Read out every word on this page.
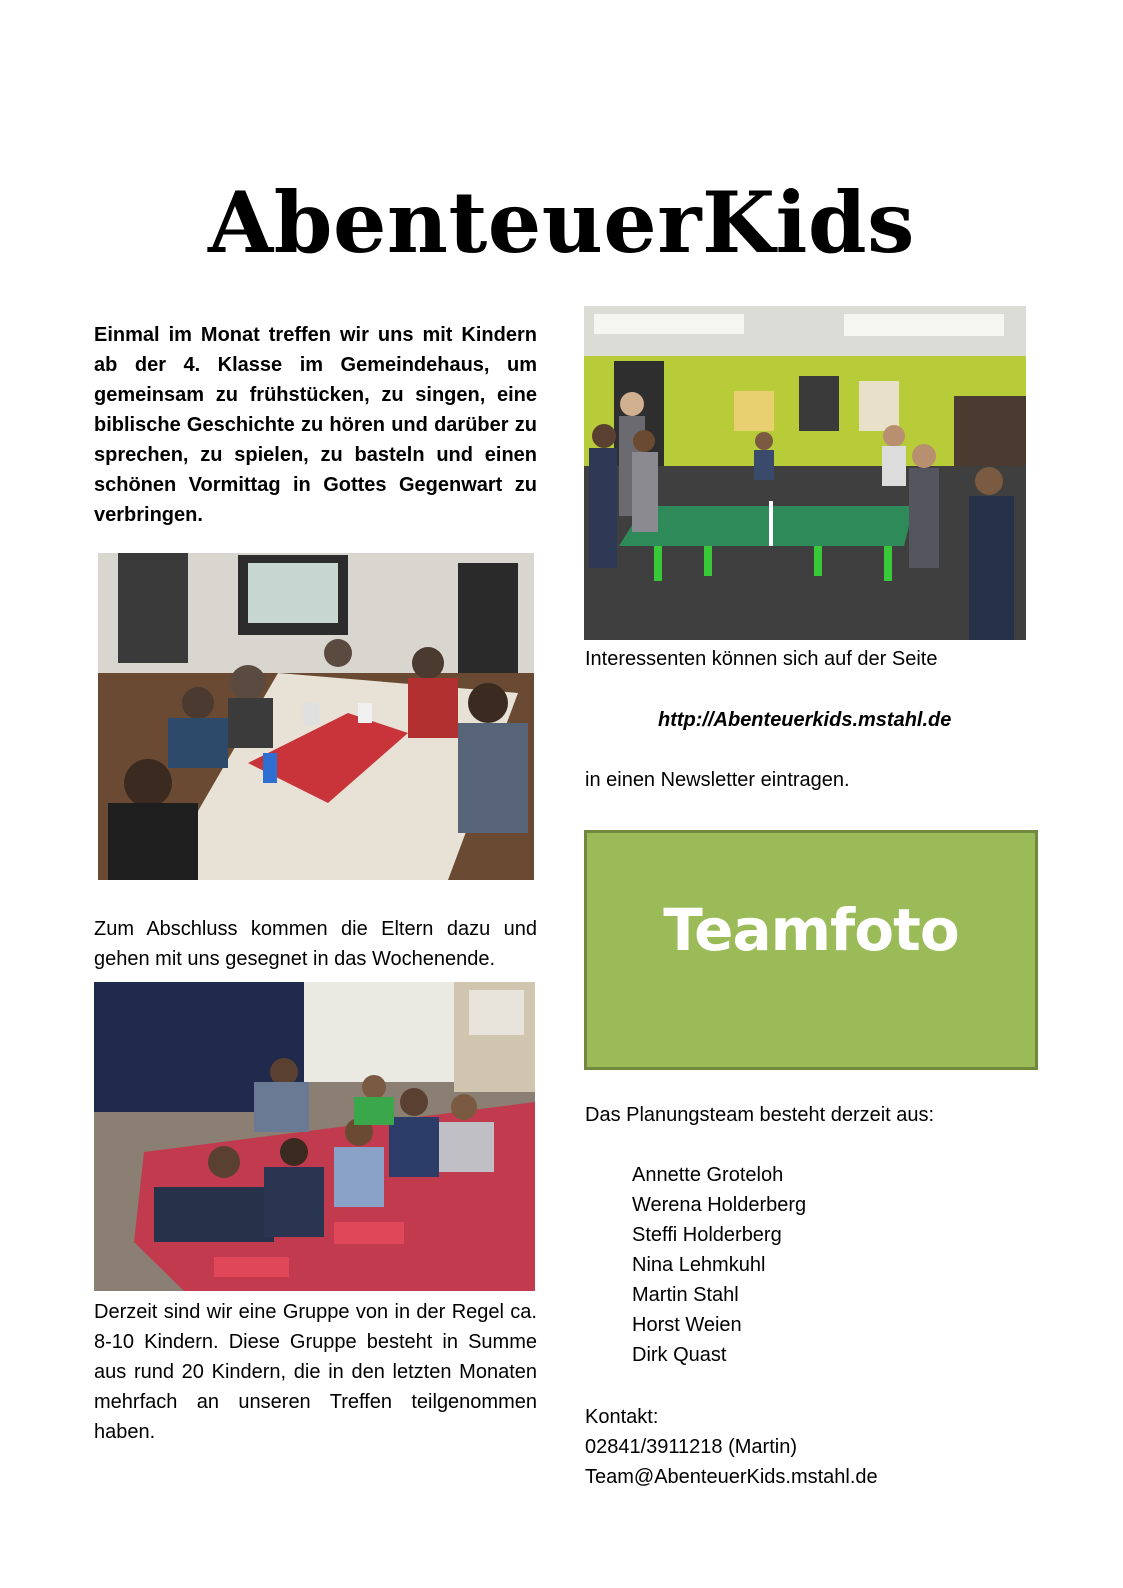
AbenteuerKids

Einmal im Monat treffen wir uns mit Kindern ab der 4. Klasse im Gemeindehaus, um gemeinsam zu frühstücken, zu singen, eine biblische Geschichte zu hören und darüber zu sprechen, zu spielen, zu basteln und einen schönen Vormittag in Gottes Gegenwart zu verbringen.

Zum Abschluss kommen die Eltern dazu und gehen mit uns gesegnet in das Wochenende.

Derzeit sind wir eine Gruppe von in der Regel ca. 8-10 Kindern. Diese Gruppe besteht in Summe aus rund 20 Kindern, die in den letzten Monaten mehrfach an unseren Treffen teilgenommen haben.

Interessenten können sich auf der Seite
http://Abenteuerkids.mstahl.de
in einen Newsletter eintragen.
Teamfoto
Das Planungsteam besteht derzeit aus:
Annette Groteloh
Werena Holderberg
Steffi Holderberg
Nina Lehmkuhl
Martin Stahl
Horst Weien
Dirk Quast
Kontakt:
02841/3911218 (Martin)
Team@AbenteuerKids.mstahl.de
